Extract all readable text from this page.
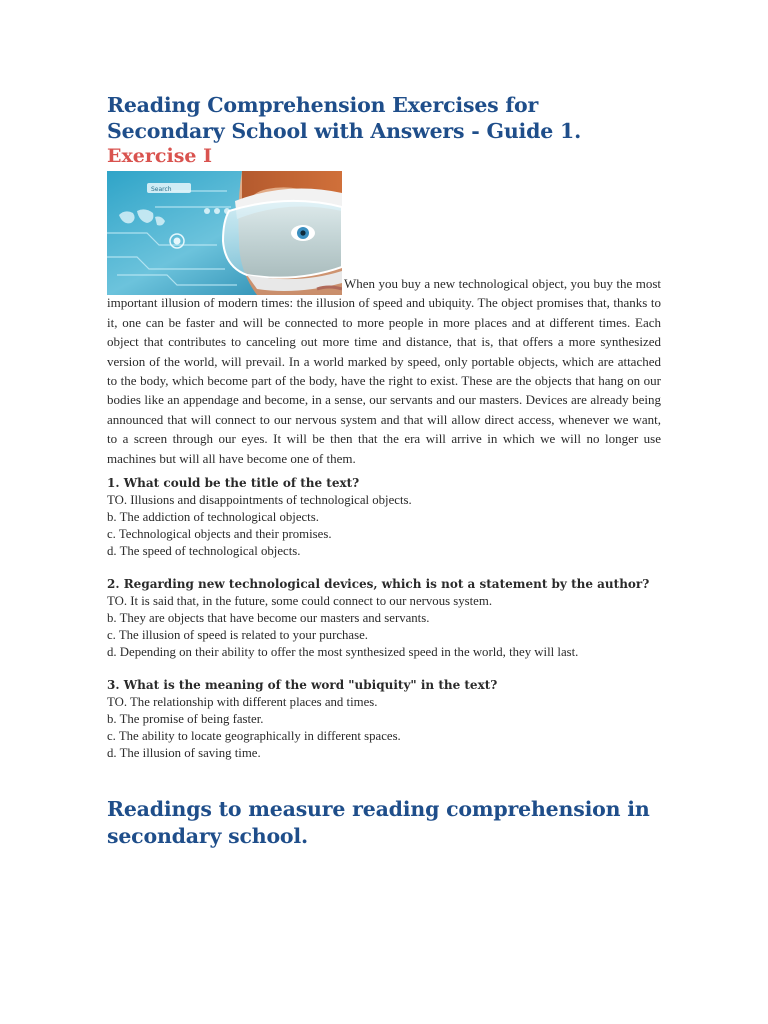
Reading Comprehension Exercises for Secondary School with Answers - Guide 1.
Exercise I
Search

When you buy a new technological object, you buy the most important illusion of modern times: the illusion of speed and ubiquity. The object promises that, thanks to it, one can be faster and will be connected to more people in more places and at different times. Each object that contributes to canceling out more time and distance, that is, that offers a more synthesized version of the world, will prevail. In a world marked by speed, only portable objects, which are attached to the body, which become part of the body, have the right to exist. These are the objects that hang on our bodies like an appendage and become, in a sense, our servants and our masters. Devices are already being announced that will connect to our nervous system and that will allow direct access, whenever we want, to a screen through our eyes. It will be then that the era will arrive in which we will no longer use machines but will all have become one of them.

1. What could be the title of the text?

TO. Illusions and disappointments of technological objects.

b. The addiction of technological objects.

c. Technological objects and their promises.

d. The speed of technological objects.

2. Regarding new technological devices, which is not a statement by the author?

TO. It is said that, in the future, some could connect to our nervous system.

b. They are objects that have become our masters and servants.

c. The illusion of speed is related to your purchase.

d. Depending on their ability to offer the most synthesized speed in the world, they will last.

3. What is the meaning of the word "ubiquity" in the text?

TO. The relationship with different places and times.

b. The promise of being faster.

c. The ability to locate geographically in different spaces.

d. The illusion of saving time.

Readings to measure reading comprehension in secondary school.
